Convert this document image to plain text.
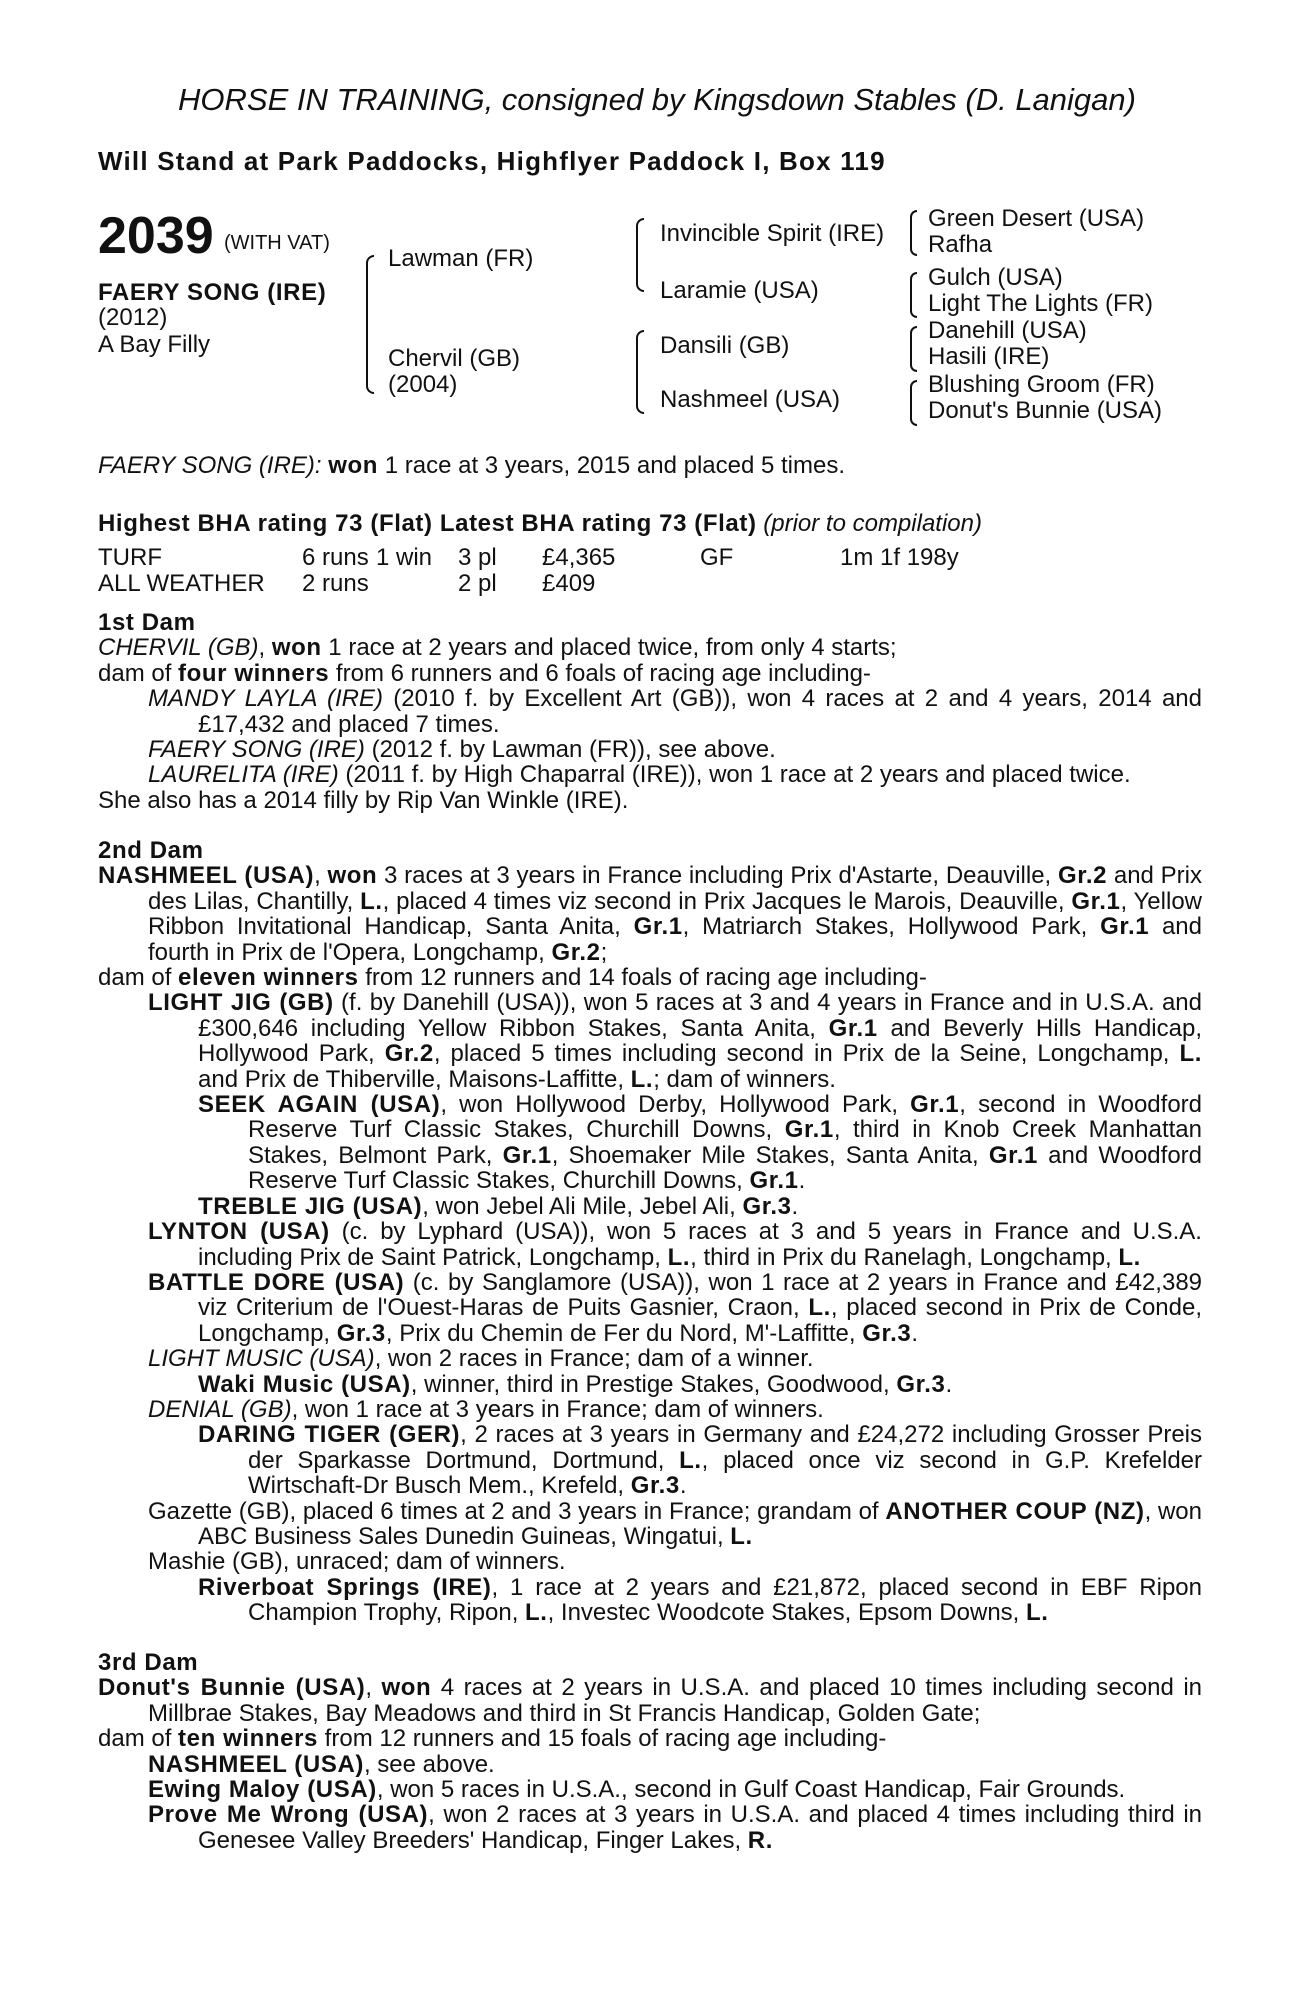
HORSE IN TRAINING, consigned by Kingsdown Stables (D. Lanigan)
Will Stand at Park Paddocks, Highflyer Paddock I, Box 119
2039 (WITH VAT)
FAERY SONG (IRE)
(2012)
A Bay Filly
Lawman (FR)
Chervil (GB)
(2004)
Invincible Spirit (IRE)
Laramie (USA)
Dansili (GB)
Nashmeel (USA)
Green Desert (USA)
Rafha
Gulch (USA)
Light The Lights (FR)
Danehill (USA)
Hasili (IRE)
Blushing Groom (FR)
Donut's Bunnie (USA)
FAERY SONG (IRE): won 1 race at 3 years, 2015 and placed 5 times.
Highest BHA rating 73 (Flat) Latest BHA rating 73 (Flat) (prior to compilation)
TURF	6 runs	1 win	3 pl	£4,365	GF	1m 1f 198y
ALL WEATHER	2 runs		2 pl	£409		

1st Dam

CHERVIL (GB), won 1 race at 2 years and placed twice, from only 4 starts;

dam of four winners from 6 runners and 6 foals of racing age including-

MANDY LAYLA (IRE) (2010 f. by Excellent Art (GB)), won 4 races at 2 and 4 years, 2014 and £17,432 and placed 7 times.

FAERY SONG (IRE) (2012 f. by Lawman (FR)), see above.

LAURELITA (IRE) (2011 f. by High Chaparral (IRE)), won 1 race at 2 years and placed twice.

She also has a 2014 filly by Rip Van Winkle (IRE).

2nd Dam

NASHMEEL (USA), won 3 races at 3 years in France including Prix d'Astarte, Deauville, Gr.2 and Prix des Lilas, Chantilly, L., placed 4 times viz second in Prix Jacques le Marois, Deauville, Gr.1, Yellow Ribbon Invitational Handicap, Santa Anita, Gr.1, Matriarch Stakes, Hollywood Park, Gr.1 and fourth in Prix de l'Opera, Longchamp, Gr.2;

dam of eleven winners from 12 runners and 14 foals of racing age including-

LIGHT JIG (GB) (f. by Danehill (USA)), won 5 races at 3 and 4 years in France and in U.S.A. and £300,646 including Yellow Ribbon Stakes, Santa Anita, Gr.1 and Beverly Hills Handicap, Hollywood Park, Gr.2, placed 5 times including second in Prix de la Seine, Longchamp, L. and Prix de Thiberville, Maisons-Laffitte, L.; dam of winners.

SEEK AGAIN (USA), won Hollywood Derby, Hollywood Park, Gr.1, second in Woodford Reserve Turf Classic Stakes, Churchill Downs, Gr.1, third in Knob Creek Manhattan Stakes, Belmont Park, Gr.1, Shoemaker Mile Stakes, Santa Anita, Gr.1 and Woodford Reserve Turf Classic Stakes, Churchill Downs, Gr.1.

TREBLE JIG (USA), won Jebel Ali Mile, Jebel Ali, Gr.3.

LYNTON (USA) (c. by Lyphard (USA)), won 5 races at 3 and 5 years in France and U.S.A. including Prix de Saint Patrick, Longchamp, L., third in Prix du Ranelagh, Longchamp, L.

BATTLE DORE (USA) (c. by Sanglamore (USA)), won 1 race at 2 years in France and £42,389 viz Criterium de l'Ouest-Haras de Puits Gasnier, Craon, L., placed second in Prix de Conde, Longchamp, Gr.3, Prix du Chemin de Fer du Nord, M'-Laffitte, Gr.3.

LIGHT MUSIC (USA), won 2 races in France; dam of a winner.

Waki Music (USA), winner, third in Prestige Stakes, Goodwood, Gr.3.

DENIAL (GB), won 1 race at 3 years in France; dam of winners.

DARING TIGER (GER), 2 races at 3 years in Germany and £24,272 including Grosser Preis der Sparkasse Dortmund, Dortmund, L., placed once viz second in G.P. Krefelder Wirtschaft-Dr Busch Mem., Krefeld, Gr.3.

Gazette (GB), placed 6 times at 2 and 3 years in France; grandam of ANOTHER COUP (NZ), won ABC Business Sales Dunedin Guineas, Wingatui, L.

Mashie (GB), unraced; dam of winners.

Riverboat Springs (IRE), 1 race at 2 years and £21,872, placed second in EBF Ripon Champion Trophy, Ripon, L., Investec Woodcote Stakes, Epsom Downs, L.

3rd Dam

Donut's Bunnie (USA), won 4 races at 2 years in U.S.A. and placed 10 times including second in Millbrae Stakes, Bay Meadows and third in St Francis Handicap, Golden Gate;

dam of ten winners from 12 runners and 15 foals of racing age including-

NASHMEEL (USA), see above.

Ewing Maloy (USA), won 5 races in U.S.A., second in Gulf Coast Handicap, Fair Grounds.

Prove Me Wrong (USA), won 2 races at 3 years in U.S.A. and placed 4 times including third in Genesee Valley Breeders' Handicap, Finger Lakes, R.
